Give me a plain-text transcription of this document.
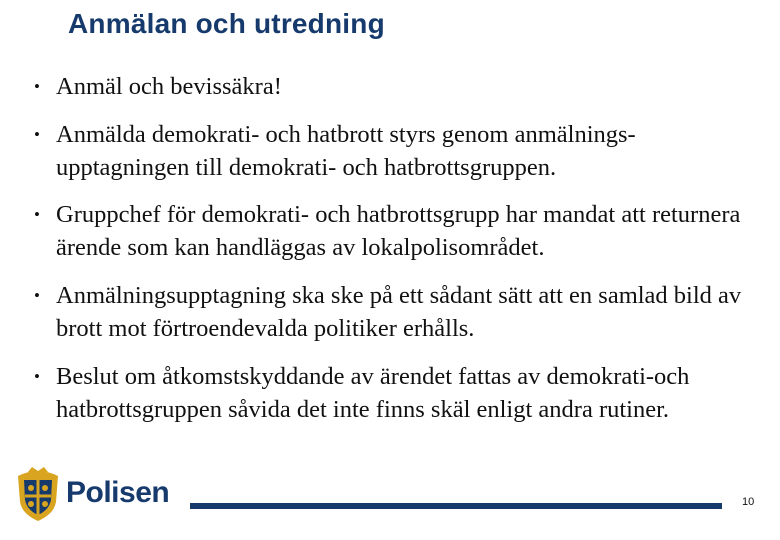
Anmälan och utredning
• Anmäl och bevissäkra!
• Anmälda demokrati- och hatbrott styrs genom anmälnings-upptagningen till demokrati- och hatbrottsgruppen.
• Gruppchef för demokrati- och hatbrottsgrupp har mandat att returnera ärende som kan handläggas av lokalpolisområdet.
• Anmälningsupptagning ska ske på ett sådant sätt att en samlad bild av brott mot förtroendevalda politiker erhålls.
• Beslut om åtkomstskyddande av ärendet fattas av demokrati-och hatbrottsgruppen såvida det inte finns skäl enligt andra rutiner.
Polisen	10
